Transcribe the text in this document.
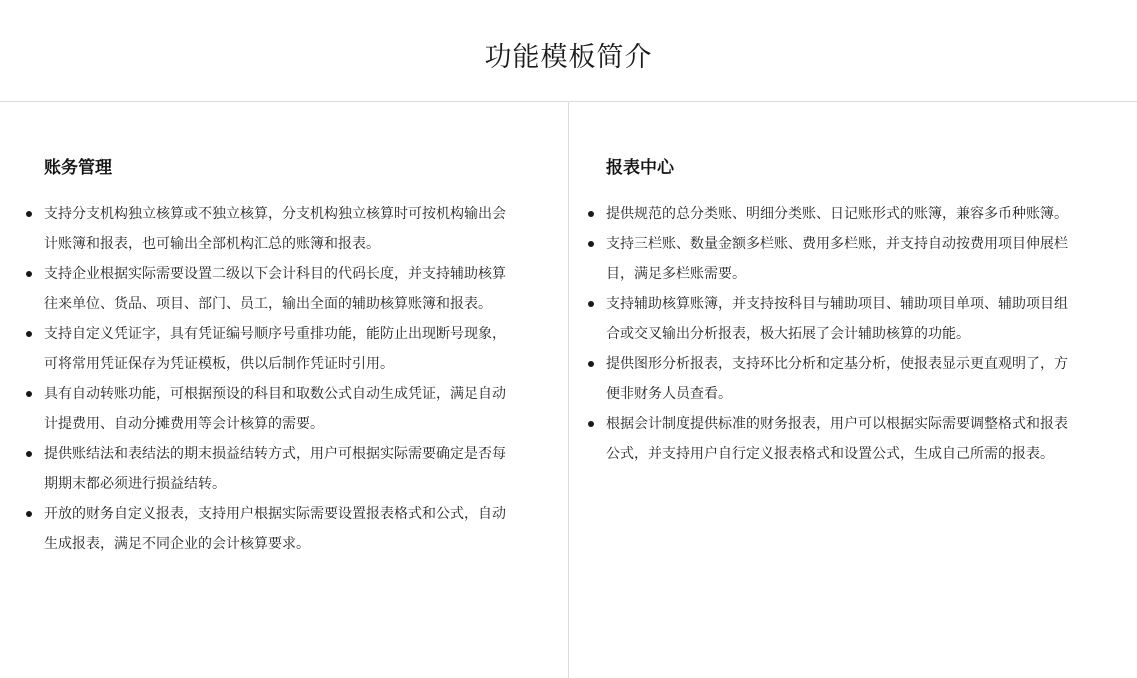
功能模板简介
账务管理
支持分支机构独立核算或不独立核算，分支机构独立核算时可按机构输出会计账簿和报表，也可输出全部机构汇总的账簿和报表。
支持企业根据实际需要设置二级以下会计科目的代码长度，并支持辅助核算往来单位、货品、项目、部门、员工，输出全面的辅助核算账簿和报表。
支持自定义凭证字，具有凭证编号顺序号重排功能，能防止出现断号现象，可将常用凭证保存为凭证模板，供以后制作凭证时引用。
具有自动转账功能，可根据预设的科目和取数公式自动生成凭证，满足自动计提费用、自动分摊费用等会计核算的需要。
提供账结法和表结法的期末损益结转方式，用户可根据实际需要确定是否每期期末都必须进行损益结转。
开放的财务自定义报表，支持用户根据实际需要设置报表格式和公式，自动生成报表，满足不同企业的会计核算要求。
报表中心
提供规范的总分类账、明细分类账、日记账形式的账簿，兼容多币种账簿。
支持三栏账、数量金额多栏账、费用多栏账，并支持自动按费用项目伸展栏目，满足多栏账需要。
支持辅助核算账簿，并支持按科目与辅助项目、辅助项目单项、辅助项目组合或交叉输出分析报表，极大拓展了会计辅助核算的功能。
提供图形分析报表，支持环比分析和定基分析，使报表显示更直观明了，方便非财务人员查看。
根据会计制度提供标准的财务报表，用户可以根据实际需要调整格式和报表公式，并支持用户自行定义报表格式和设置公式，生成自己所需的报表。
